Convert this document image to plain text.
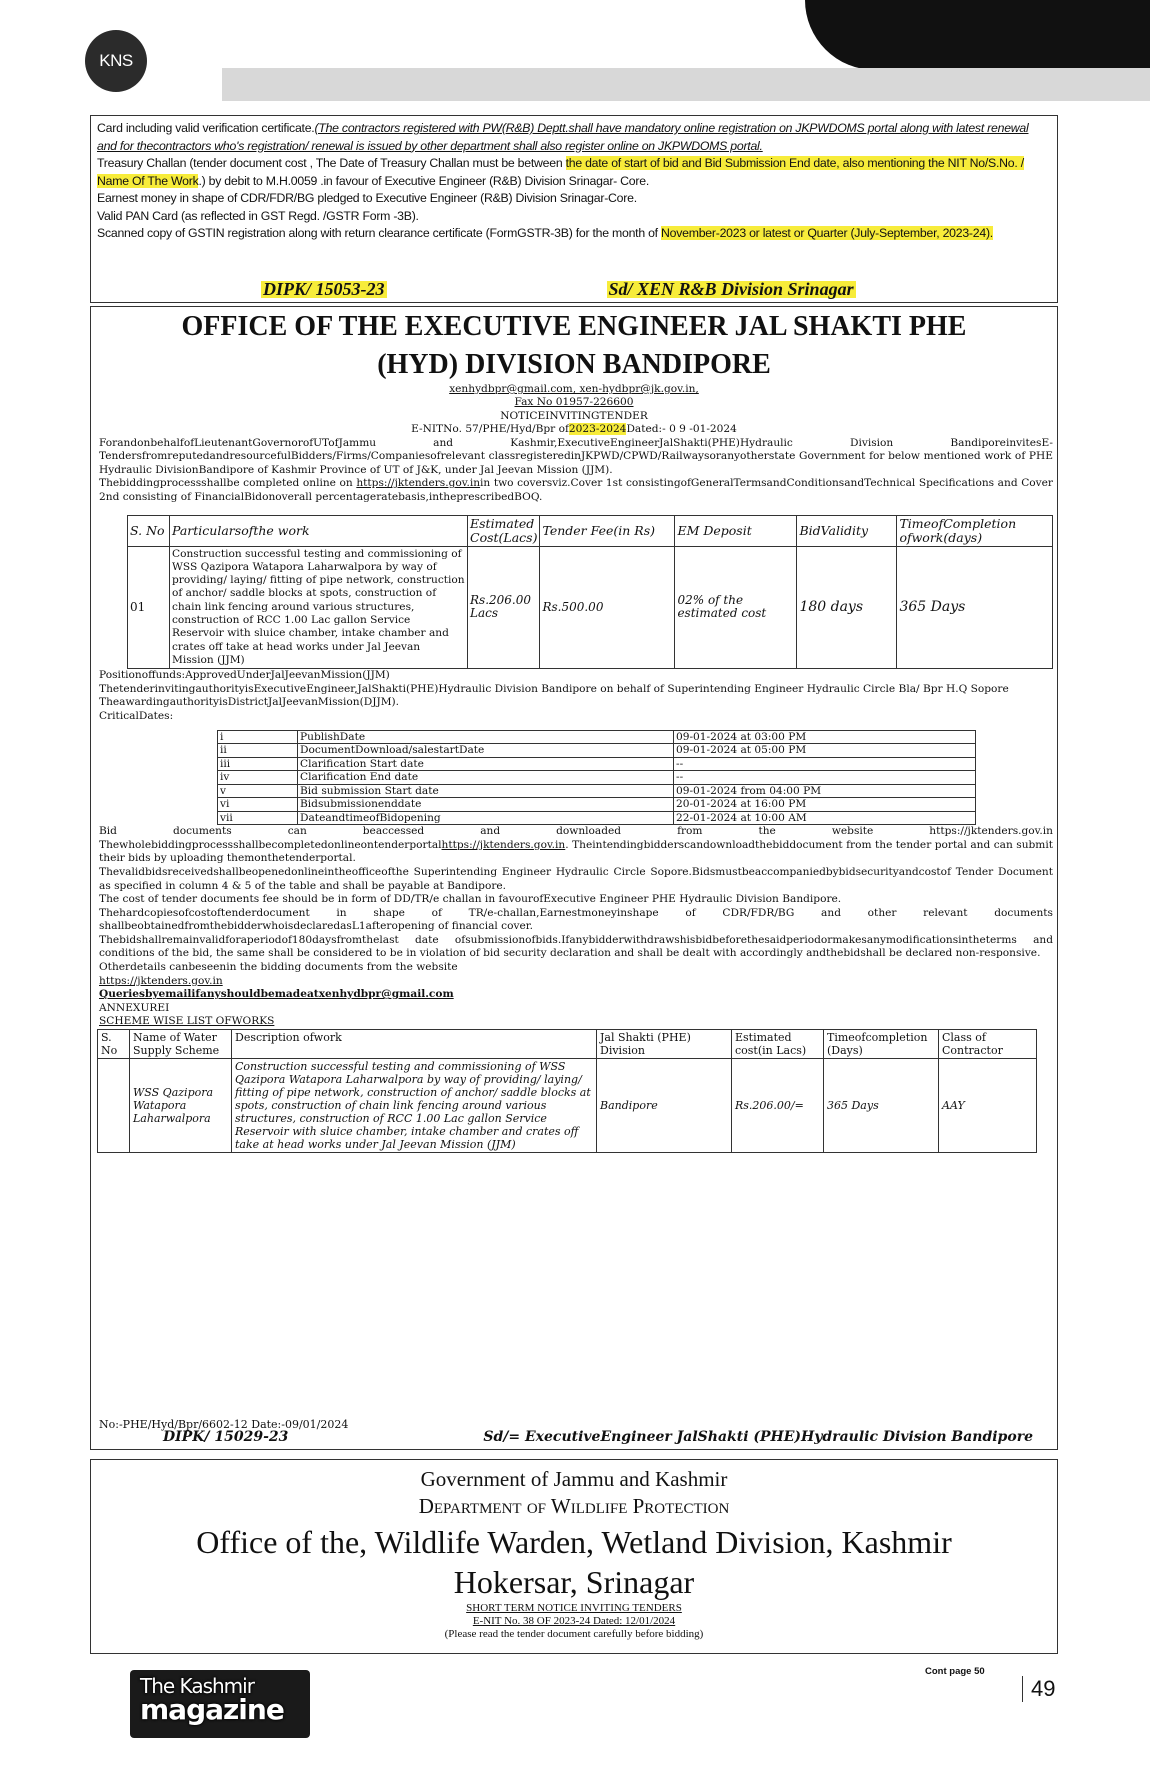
KNS

Card including valid verification certificate.(The contractors registered with PW(R&B) Deptt.shall have mandatory online registration on JKPWDOMS portal along with latest renewal and for thecontractors who's registration/ renewal is issued by other department shall also register online on JKPWDOMS portal.

Treasury Challan (tender document cost , The Date of Treasury Challan must be between the date of start of bid and Bid Submission End date, also mentioning the NIT No/S.No. / Name Of The Work.) by debit to M.H.0059 .in favour of Executive Engineer (R&B) Division Srinagar- Core.

Earnest money in shape of CDR/FDR/BG pledged to Executive Engineer (R&B) Division Srinagar-Core.

Valid PAN Card (as reflected in GST Regd. /GSTR Form -3B).

Scanned copy of GSTIN registration along with return clearance certificate (FormGSTR-3B) for the month of November-2023 or latest or Quarter (July-September, 2023-24).

DIPK/ 15053-23	Sd/ XEN R&B Division Srinagar
OFFICE OF THE EXECUTIVE ENGINEER JAL SHAKTI PHE
(HYD) DIVISION BANDIPORE
xenhydbpr@gmail.com, xen-hydbpr@jk.gov.in,
Fax No 01957-226600
NOTICEINVITINGTENDER
E-NITNo. 57/PHE/Hyd/Bpr of2023-2024Dated:- 0 9 -01-2024
ForandonbehalfofLieutenantGovernorofUTofJammu and Kashmir,ExecutiveEngineerJalShakti(PHE)Hydraulic Division BandiporeinvitesE-TendersfromreputedandresourcefulBidders/Firms/Companiesofrelevant classregisteredinJKPWD/CPWD/Railwaysoranyotherstate Government for below mentioned work of PHE Hydraulic DivisionBandipore of Kashmir Province of UT of J&K, under Jal Jeevan Mission (JJM).
Thebiddingprocessshallbe completed online on https://jktenders.gov.inin two coversviz.Cover 1st consistingofGeneralTermsandConditionsandTechnical Specifications and Cover 2nd consisting of FinancialBidonoverall percentageratebasis,intheprescribedBOQ.
S. No	Particularsofthe work	Estimated Cost(Lacs)	Tender Fee(in Rs)	EM Deposit	BidValidity	TimeofCompletion ofwork(days)
01	Construction successful testing and commissioning of WSS Qazipora Watapora Laharwalpora by way of providing/ laying/ fitting of pipe network, construction of anchor/ saddle blocks at spots, construction of chain link fencing around various structures, construction of RCC 1.00 Lac gallon Service Reservoir with sluice chamber, intake chamber and crates off take at head works under Jal Jeevan Mission (JJM)	Rs.206.00 Lacs	Rs.500.00	02% of the estimated cost	180 days	365 Days
Positionoffunds:ApprovedUnderJalJeevanMission(JJM)
ThetenderinvitingauthorityisExecutiveEngineer,JalShakti(PHE)Hydraulic Division Bandipore on behalf of Superintending Engineer Hydraulic Circle Bla/ Bpr H.Q Sopore
TheawardingauthorityisDistrictJalJeevanMission(DJJM).
CriticalDates:
i	PublishDate	09-01-2024 at 03:00 PM
ii	DocumentDownload/salestartDate	09-01-2024 at 05:00 PM
iii	Clarification Start date	--
iv	Clarification End date	--
v	Bid submission Start date	09-01-2024 from 04:00 PM
vi	Bidsubmissionenddate	20-01-2024 at 16:00 PM
vii	DateandtimeofBidopening	22-01-2024 at 10:00 AM
Bid documents can beaccessed and downloaded from the website https://jktenders.gov.in
Thewholebiddingprocessshallbecompletedonlineontenderportalhttps://jktenders.gov.in. Theintendingbidderscandownloadthebiddocument from the tender portal and can submit their bids by uploading themonthetenderportal.
Thevalidbidsreceivedshallbeopenedonlineintheofficeofthe Superintending Engineer Hydraulic Circle Sopore.Bidsmustbeaccompaniedbybidsecurityandcostof Tender Document as specified in column 4 & 5 of the table and shall be payable at Bandipore.
The cost of tender documents fee should be in form of DD/TR/e challan in favourofExecutive Engineer PHE Hydraulic Division Bandipore.
Thehardcopiesofcostoftenderdocument in shape of TR/e-challan,Earnestmoneyinshape of CDR/FDR/BG and other relevant documents shallbeobtainedfromthebidderwhoisdeclaredasL1afteropening of financial cover.
Thebidshallremainvalidforaperiodof180daysfromthelast date ofsubmissionofbids.Ifanybidderwithdrawshisbidbeforethesaidperiodormakesanymodificationsintheterms and conditions of the bid, the same shall be considered to be in violation of bid security declaration and shall be dealt with accordingly andthebidshall be declared non-responsive.
Otherdetails canbeseenin the bidding documents from the website
https://jktenders.gov.in
Queriesbyemailifanyshouldbemadeatxenhydbpr@gmail.com
ANNEXUREI
SCHEME WISE LIST OFWORKS
S. No	Name of Water Supply Scheme	Description ofwork	Jal Shakti (PHE) Division	Estimated cost(in Lacs)	Timeofcompletion (Days)	Class of Contractor
	WSS Qazipora Watapora Laharwalpora	Construction successful testing and commissioning of WSS Qazipora Watapora Laharwalpora by way of providing/ laying/ fitting of pipe network, construction of anchor/ saddle blocks at spots, construction of chain link fencing around various structures, construction of RCC 1.00 Lac gallon Service Reservoir with sluice chamber, intake chamber and crates off take at head works under Jal Jeevan Mission (JJM)	Bandipore	Rs.206.00/=	365 Days	AAY
No:-PHE/Hyd/Bpr/6602-12 Date:-09/01/2024
DIPK/ 15029-23	Sd/= ExecutiveEngineer JalShakti (PHE)Hydraulic Division Bandipore
Government of Jammu and Kashmir
Department of Wildlife Protection
Office of the, Wildlife Warden, Wetland Division, Kashmir
Hokersar, Srinagar
SHORT TERM NOTICE INVITING TENDERS
E-NIT No. 38 OF 2023-24 Dated: 12/01/2024
(Please read the tender document carefully before bidding)
Cont page 50
49
The Kashmir
magazine
